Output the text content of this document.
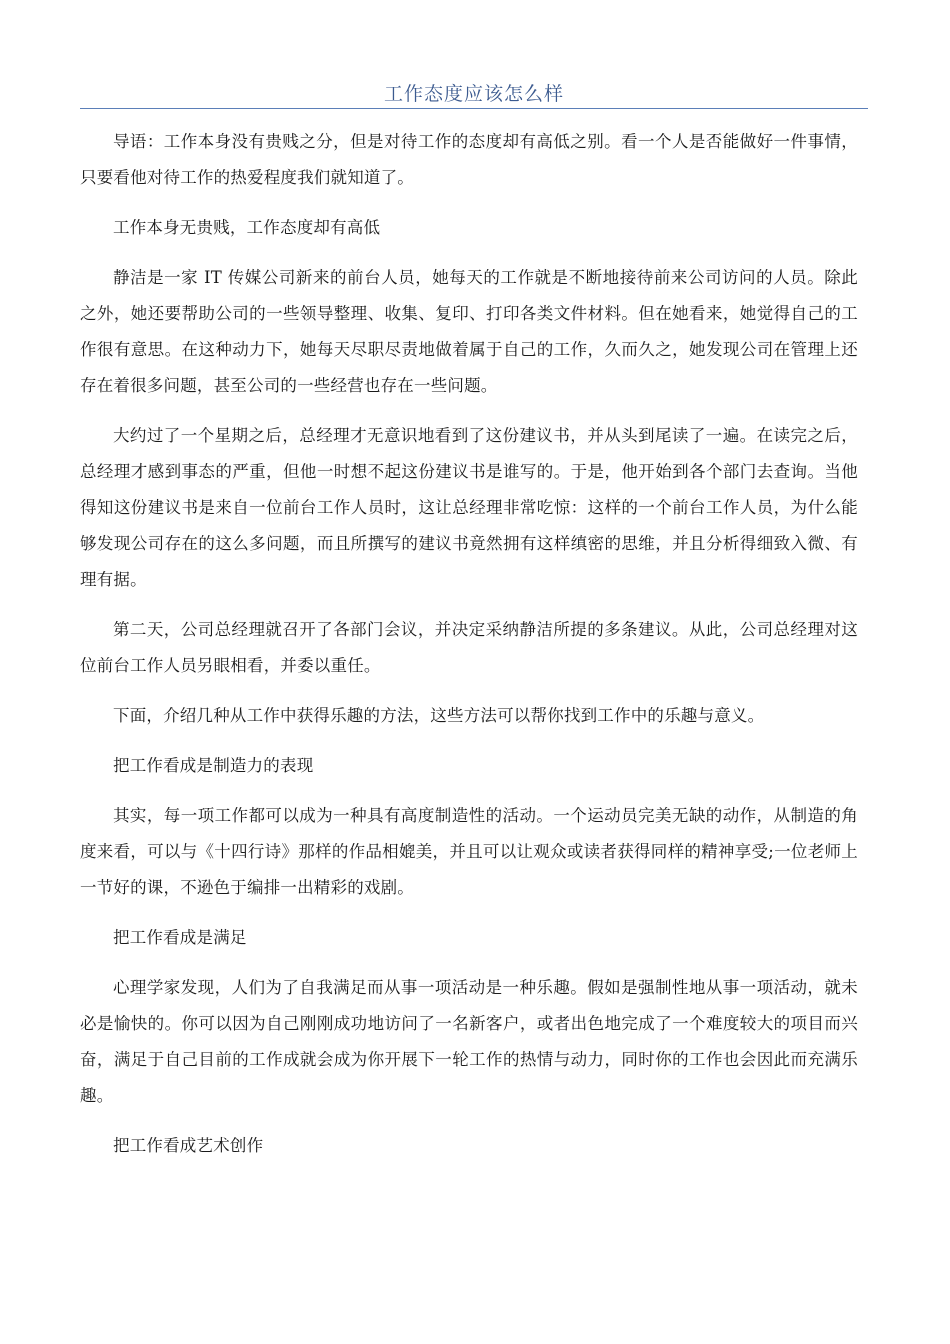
工作态度应该怎么样

导语：工作本身没有贵贱之分，但是对待工作的态度却有高低之别。看一个人是否能做好一件事情，只要看他对待工作的热爱程度我们就知道了。

工作本身无贵贱，工作态度却有高低

静洁是一家 IT 传媒公司新来的前台人员，她每天的工作就是不断地接待前来公司访问的人员。除此之外，她还要帮助公司的一些领导整理、收集、复印、打印各类文件材料。但在她看来，她觉得自己的工作很有意思。在这种动力下，她每天尽职尽责地做着属于自己的工作，久而久之，她发现公司在管理上还存在着很多问题，甚至公司的一些经营也存在一些问题。

大约过了一个星期之后，总经理才无意识地看到了这份建议书，并从头到尾读了一遍。在读完之后，总经理才感到事态的严重，但他一时想不起这份建议书是谁写的。于是，他开始到各个部门去查询。当他得知这份建议书是来自一位前台工作人员时，这让总经理非常吃惊：这样的一个前台工作人员，为什么能够发现公司存在的这么多问题，而且所撰写的建议书竟然拥有这样缜密的思维，并且分析得细致入微、有理有据。

第二天，公司总经理就召开了各部门会议，并决定采纳静洁所提的多条建议。从此，公司总经理对这位前台工作人员另眼相看，并委以重任。

下面，介绍几种从工作中获得乐趣的方法，这些方法可以帮你找到工作中的乐趣与意义。

把工作看成是制造力的表现

其实，每一项工作都可以成为一种具有高度制造性的活动。一个运动员完美无缺的动作，从制造的角度来看，可以与《十四行诗》那样的作品相媲美，并且可以让观众或读者获得同样的精神享受;一位老师上一节好的课，不逊色于编排一出精彩的戏剧。

把工作看成是满足

心理学家发现，人们为了自我满足而从事一项活动是一种乐趣。假如是强制性地从事一项活动，就未必是愉快的。你可以因为自己刚刚成功地访问了一名新客户，或者出色地完成了一个难度较大的项目而兴奋，满足于自己目前的工作成就会成为你开展下一轮工作的热情与动力，同时你的工作也会因此而充满乐趣。

把工作看成艺术创作
